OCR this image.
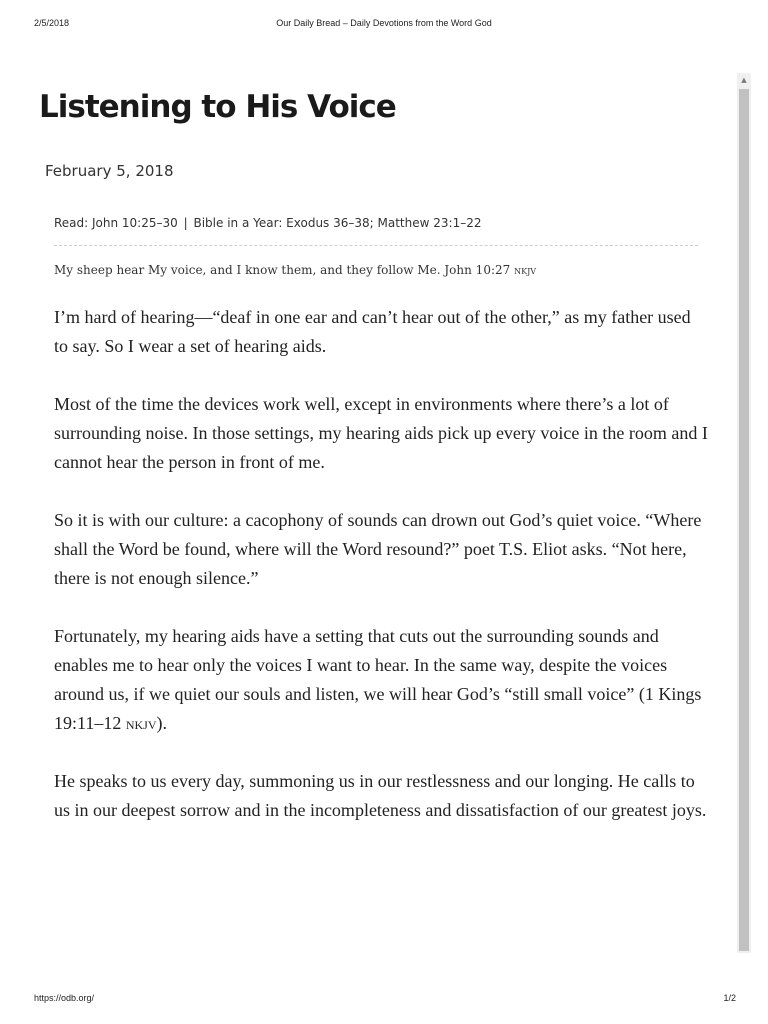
2/5/2018	Our Daily Bread – Daily Devotions from the Word God
Listening to His Voice
February 5, 2018
Read: John 10:25–30 | Bible in a Year: Exodus 36–38; Matthew 23:1–22
My sheep hear My voice, and I know them, and they follow Me. John 10:27 nkjv

I’m hard of hearing—“deaf in one ear and can’t hear out of the other,” as my father used to say. So I wear a set of hearing aids.

Most of the time the devices work well, except in environments where there’s a lot of surrounding noise. In those settings, my hearing aids pick up every voice in the room and I cannot hear the person in front of me.

So it is with our culture: a cacophony of sounds can drown out God’s quiet voice. “Where shall the Word be found, where will the Word resound?” poet T.S. Eliot asks. “Not here, there is not enough silence.”

Fortunately, my hearing aids have a setting that cuts out the surrounding sounds and enables me to hear only the voices I want to hear. In the same way, despite the voices around us, if we quiet our souls and listen, we will hear God’s “still small voice” (1 Kings 19:11–12 nkjv).

He speaks to us every day, summoning us in our restlessness and our longing. He calls to us in our deepest sorrow and in the incompleteness and dissatisfaction of our greatest joys.

▲
https://odb.org/	1/2
